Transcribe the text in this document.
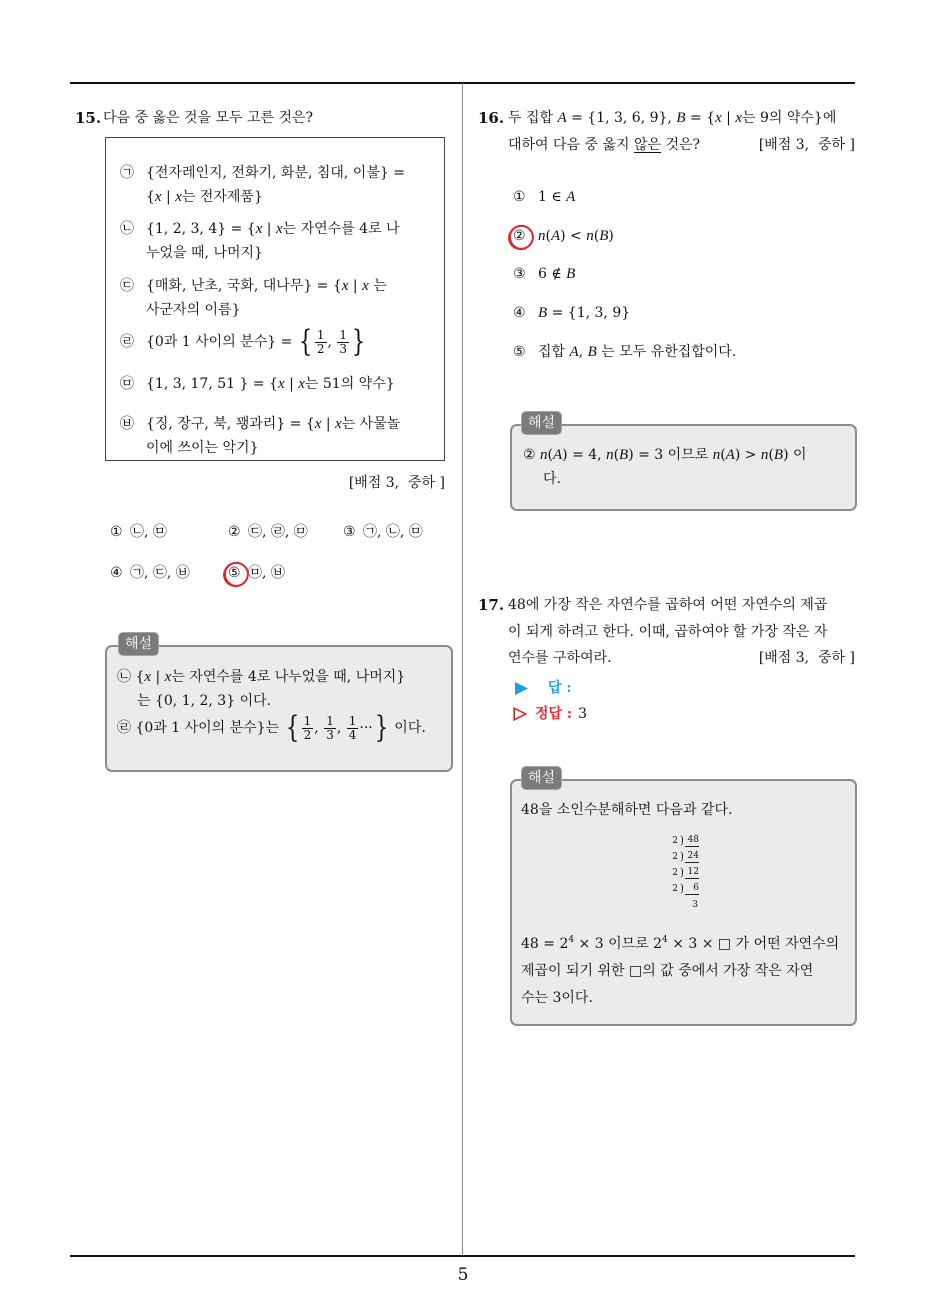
5
15. 다음 중 옳은 것을 모두 고른 것은?
㉠ {전자레인지, 전화기, 화분, 침대, 이불} =
{x | x는 전자제품}
㉡ {1, 2, 3, 4} = {x | x는 자연수를 4로 나
누었을 때, 나머지}
㉢ {매화, 난초, 국화, 대나무} = {x | x 는
사군자의 이름}
㉣ {0과 1 사이의 분수} = { $\frac{1}{2}$ , $\frac{1}{3}$ }
㉤ {1, 3, 17, 51 } = {x | x는 51의 약수}
㉥ {징, 장구, 북, 꽹과리} = {x | x는 사물놀
이에 쓰이는 악기}
[배점 3,  중하 ]
① ㉡, ㉤	② ㉢, ㉣, ㉤	③ ㉠, ㉡, ㉤
④ ㉠, ㉢, ㉥	⑤ ㉤, ㉥
㉡ {x | x는 자연수를 4로 나누었을 때, 나머지}
는 {0, 1, 2, 3} 이다.
㉣ {0과 1 사이의 분수}는 { $\frac{1}{2}$ , $\frac{1}{3}$ , $\frac{1}{4}$ ···} 이다.
해설
16. 두 집합 A = {1, 3, 6, 9}, B = {x | x는 9의 약수}에
대하여 다음 중 옳지 않은 것은?	[배점 3,  중하 ]
① 1 ∈ A
② n(A) < n(B)
③ 6 ∉ B
④ B = {1, 3, 9}
⑤ 집합 A, B 는 모두 유한집합이다.
② n(A) = 4, n(B) = 3 이므로 n(A) > n(B) 이
다.
해설
17. 48에 가장 작은 자연수를 곱하여 어떤 자연수의 제곱
이 되게 하려고 한다. 이때, 곱하여야 할 가장 작은 자
연수를 구하여라.	[배점 3,  중하 ]
답 :
정답 : 3
48을 소인수분해하면 다음과 같다.
2 48
2 24
2 12
2	6
3
$48 = 2^4 \times 3$ 이므로 $2^4 \times 3$ × □ 가 어떤 자연수의
제곱이 되기 위한 □의 값 중에서 가장 작은 자연
수는 3이다.
해설
